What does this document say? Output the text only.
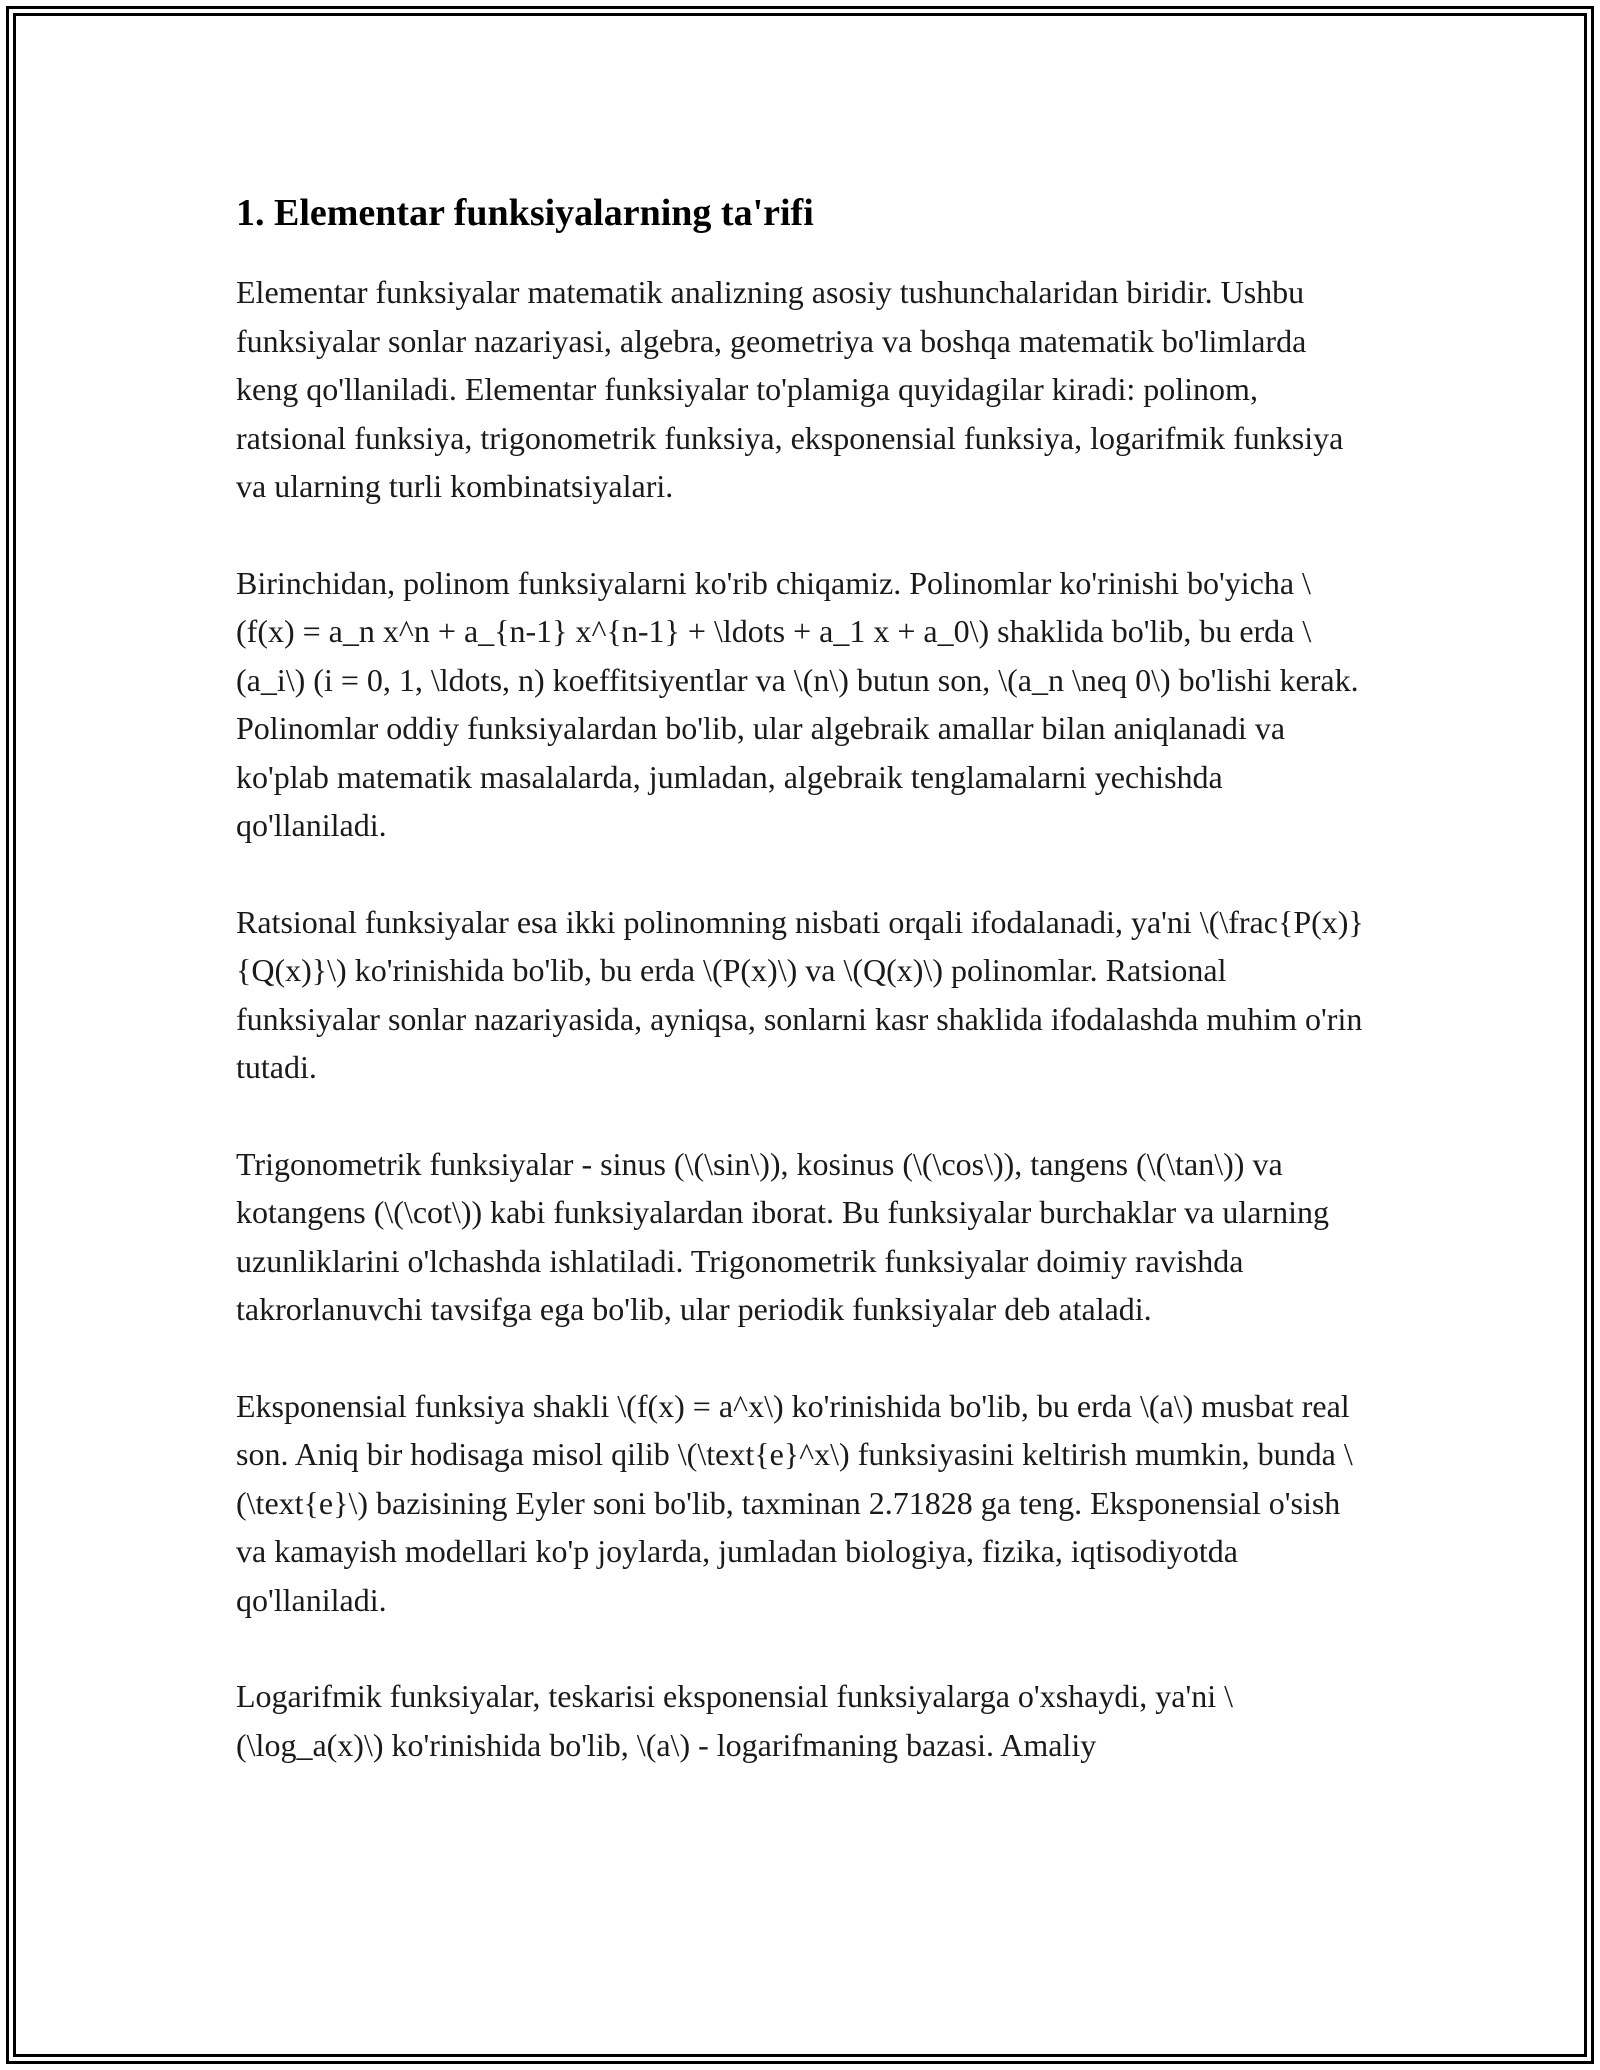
1. Elementar funksiyalarning ta'rifi

Elementar funksiyalar matematik analizning asosiy tushunchalaridan biridir. Ushbu funksiyalar sonlar nazariyasi, algebra, geometriya va boshqa matematik bo'limlarda keng qo'llaniladi. Elementar funksiyalar to'plamiga quyidagilar kiradi: polinom, ratsional funksiya, trigonometrik funksiya, eksponensial funksiya, logarifmik funksiya va ularning turli kombinatsiyalari.

Birinchidan, polinom funksiyalarni ko'rib chiqamiz. Polinomlar ko'rinishi bo'yicha \(f(x) = a_n x^n + a_{n-1} x^{n-1} + \ldots + a_1 x + a_0\) shaklida bo'lib, bu erda \(a_i\) (i = 0, 1, \ldots, n) koeffitsiyentlar va \(n\) butun son, \(a_n \neq 0\) bo'lishi kerak. Polinomlar oddiy funksiyalardan bo'lib, ular algebraik amallar bilan aniqlanadi va ko'plab matematik masalalarda, jumladan, algebraik tenglamalarni yechishda qo'llaniladi.

Ratsional funksiyalar esa ikki polinomning nisbati orqali ifodalanadi, ya'ni \(\frac{P(x)}{Q(x)}\) ko'rinishida bo'lib, bu erda \(P(x)\) va \(Q(x)\) polinomlar. Ratsional funksiyalar sonlar nazariyasida, ayniqsa, sonlarni kasr shaklida ifodalashda muhim o'rin tutadi.

Trigonometrik funksiyalar - sinus (\(\sin\)), kosinus (\(\cos\)), tangens (\(\tan\)) va kotangens (\(\cot\)) kabi funksiyalardan iborat. Bu funksiyalar burchaklar va ularning uzunliklarini o'lchashda ishlatiladi. Trigonometrik funksiyalar doimiy ravishda takrorlanuvchi tavsifga ega bo'lib, ular periodik funksiyalar deb ataladi.

Eksponensial funksiya shakli \(f(x) = a^x\) ko'rinishida bo'lib, bu erda \(a\) musbat real son. Aniq bir hodisaga misol qilib \(\text{e}^x\) funksiyasini keltirish mumkin, bunda \(\text{e}\) bazisining Eyler soni bo'lib, taxminan 2.71828 ga teng. Eksponensial o'sish va kamayish modellari ko'p joylarda, jumladan biologiya, fizika, iqtisodiyotda qo'llaniladi.

Logarifmik funksiyalar, teskarisi eksponensial funksiyalarga o'xshaydi, ya'ni \(\log_a(x)\) ko'rinishida bo'lib, \(a\) - logarifmaning bazasi. Amaliy
